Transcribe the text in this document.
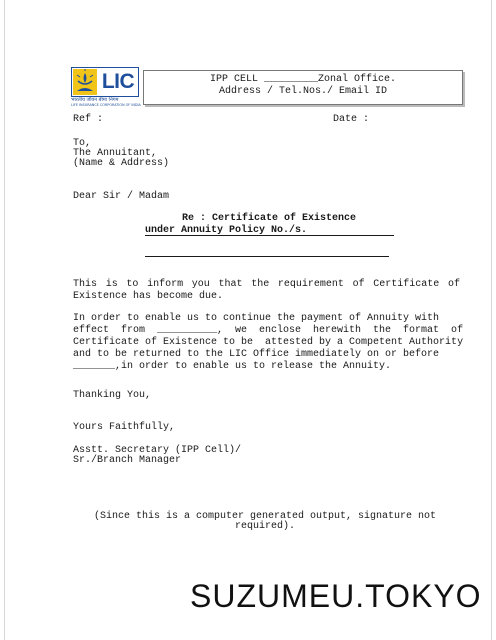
LIC
भारतीय जीवन बीमा निगम
LIFE INSURANCE CORPORATION OF INDIA
IPP CELL _________Zonal Office.
Address / Tel.Nos./ Email ID
Ref :	Date :
To,
The Annuitant,
(Name & Address)
Dear Sir / Madam
Re : Certificate of Existence
under Annuity Policy No./s.
This is to inform you that the requirement of Certificate of Existence has become due.
In order to enable us to continue the payment of Annuity with
effect  from  __________,  we  enclose  herewith  the  format  of
Certificate of Existence to be  attested by a Competent Authority
and to be returned to the LIC Office immediately on or before
_______,in order to enable us to release the Annuity.
Thanking You,
Yours Faithfully,
Asstt. Secretary (IPP Cell)/
Sr./Branch Manager
(Since this is a computer generated output, signature not
required).
SUZUMEU.TOKYO
